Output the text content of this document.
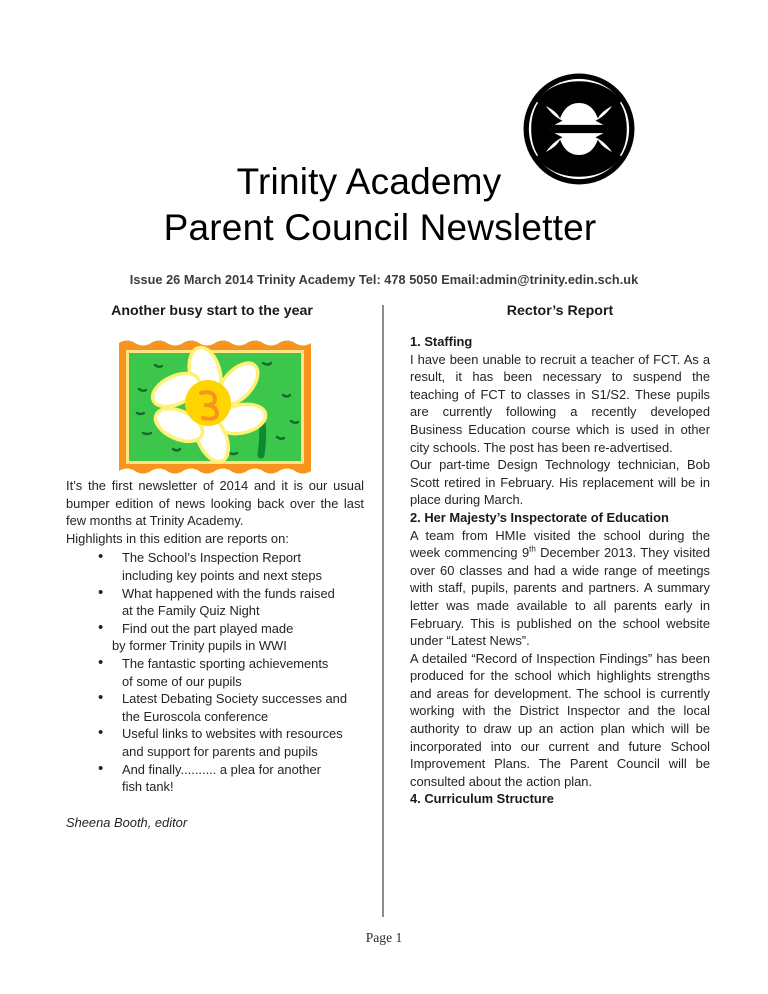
Trinity Academy
Parent Council Newsletter
Issue 26 March 2014 Trinity Academy Tel: 478 5050 Email:admin@trinity.edin.sch.uk
Another busy start to the year

It’s the first newsletter of 2014 and it is our usual bumper edition of news looking back over the last few months at Trinity Academy.

Highlights in this edition are reports on:

• The School’s Inspection Report
including key points and next steps
• What happened with the funds raised
at the Family Quiz Night
• Find out the part played made
by former Trinity pupils in WWI
• The fantastic sporting achievements
of some of our pupils
• Latest Debating Society successes and
the Euroscola conference
• Useful links to websites with resources
and support for parents and pupils
• And finally.......... a plea for another
fish tank!
Sheena Booth, editor
Rector’s Report
1. Staffing

I have been unable to recruit a teacher of FCT. As a result, it has been necessary to suspend the teaching of FCT to classes in S1/S2. These pupils are currently following a recently developed Business Education course which is used in other city schools. The post has been re-advertised.

Our part-time Design Technology technician, Bob Scott retired in February. His replacement will be in place during March.

2. Her Majesty’s Inspectorate of Education

A team from HMIe visited the school during the week commencing 9th December 2013. They visited over 60 classes and had a wide range of meetings with staff, pupils, parents and partners. A summary letter was made available to all parents early in February. This is published on the school website under “Latest News”.

A detailed “Record of Inspection Findings” has been produced for the school which highlights strengths and areas for development. The school is currently working with the District Inspector and the local authority to draw up an action plan which will be incorporated into our current and future School Improvement Plans. The Parent Council will be consulted about the action plan.

4. Curriculum Structure
Page 1
